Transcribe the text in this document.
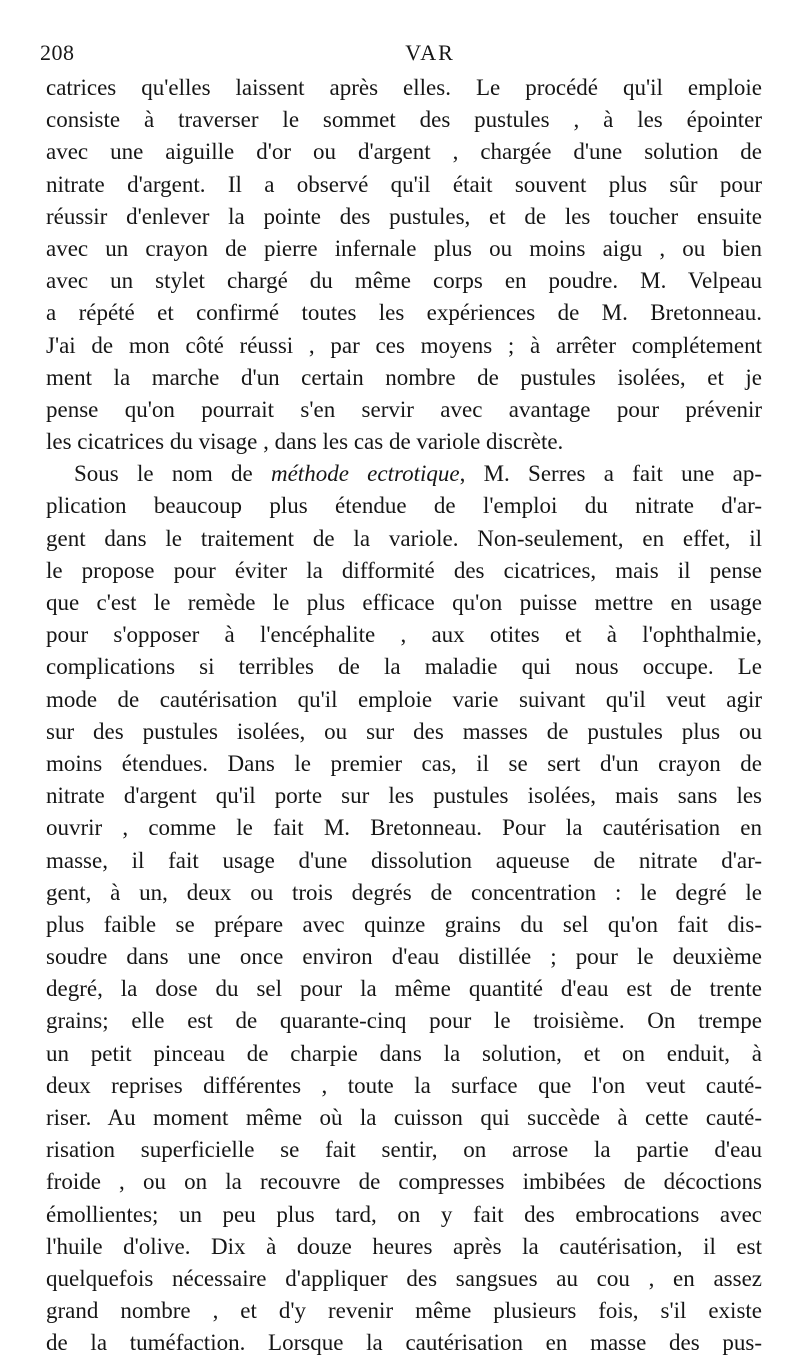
208	VAR
catrices qu'elles laissent après elles. Le procédé qu'il emploie
consiste à traverser le sommet des pustules , à les épointer
avec une aiguille d'or ou d'argent , chargée d'une solution de
nitrate d'argent. Il a observé qu'il était souvent plus sûr pour
réussir d'enlever la pointe des pustules, et de les toucher ensuite
avec un crayon de pierre infernale plus ou moins aigu , ou bien
avec un stylet chargé du même corps en poudre. M. Velpeau
a répété et confirmé toutes les expériences de M. Bretonneau.
J'ai de mon côté réussi , par ces moyens ; à arrêter complétement
ment la marche d'un certain nombre de pustules isolées, et je
pense qu'on pourrait s'en servir avec avantage pour prévenir
les cicatrices du visage , dans les cas de variole discrète.
Sous le nom de méthode ectrotique, M. Serres a fait une ap-
plication beaucoup plus étendue de l'emploi du nitrate d'ar-
gent dans le traitement de la variole. Non-seulement, en effet, il
le propose pour éviter la difformité des cicatrices, mais il pense
que c'est le remède le plus efficace qu'on puisse mettre en usage
pour s'opposer à l'encéphalite , aux otites et à l'ophthalmie,
complications si terribles de la maladie qui nous occupe. Le
mode de cautérisation qu'il emploie varie suivant qu'il veut agir
sur des pustules isolées, ou sur des masses de pustules plus ou
moins étendues. Dans le premier cas, il se sert d'un crayon de
nitrate d'argent qu'il porte sur les pustules isolées, mais sans les
ouvrir , comme le fait M. Bretonneau. Pour la cautérisation en
masse, il fait usage d'une dissolution aqueuse de nitrate d'ar-
gent, à un, deux ou trois degrés de concentration : le degré le
plus faible se prépare avec quinze grains du sel qu'on fait dis-
soudre dans une once environ d'eau distillée ; pour le deuxième
degré, la dose du sel pour la même quantité d'eau est de trente
grains; elle est de quarante-cinq pour le troisième. On trempe
un petit pinceau de charpie dans la solution, et on enduit, à
deux reprises différentes , toute la surface que l'on veut cauté-
riser. Au moment même où la cuisson qui succède à cette cauté-
risation superficielle se fait sentir, on arrose la partie d'eau
froide , ou on la recouvre de compresses imbibées de décoctions
émollientes; un peu plus tard, on y fait des embrocations avec
l'huile d'olive. Dix à douze heures après la cautérisation, il est
quelquefois nécessaire d'appliquer des sangsues au cou , en assez
grand nombre , et d'y revenir même plusieurs fois, s'il existe
de la tuméfaction. Lorsque la cautérisation en masse des pus-
